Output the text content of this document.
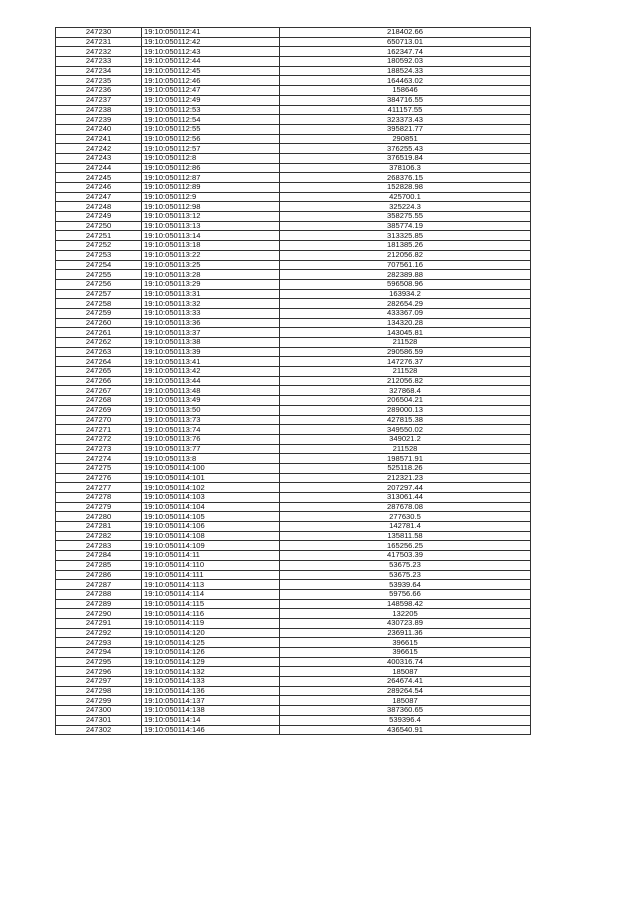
247230	19:10:050112:41	218402.66
247231	19:10:050112:42	650713.01
247232	19:10:050112:43	162347.74
247233	19:10:050112:44	180592.03
247234	19:10:050112:45	188524.33
247235	19:10:050112:46	164463.02
247236	19:10:050112:47	158646
247237	19:10:050112:49	384716.55
247238	19:10:050112:53	411157.55
247239	19:10:050112:54	323373.43
247240	19:10:050112:55	395821.77
247241	19:10:050112:56	290851
247242	19:10:050112:57	376255.43
247243	19:10:050112:8	376519.84
247244	19:10:050112:86	378106.3
247245	19:10:050112:87	268376.15
247246	19:10:050112:89	152828.98
247247	19:10:050112:9	425700.1
247248	19:10:050112:98	325224.3
247249	19:10:050113:12	358275.55
247250	19:10:050113:13	385774.19
247251	19:10:050113:14	313325.85
247252	19:10:050113:18	181385.26
247253	19:10:050113:22	212056.82
247254	19:10:050113:25	707561.16
247255	19:10:050113:28	282389.88
247256	19:10:050113:29	596508.96
247257	19:10:050113:31	163934.2
247258	19:10:050113:32	282654.29
247259	19:10:050113:33	433367.09
247260	19:10:050113:36	134320.28
247261	19:10:050113:37	143045.81
247262	19:10:050113:38	211528
247263	19:10:050113:39	290586.59
247264	19:10:050113:41	147276.37
247265	19:10:050113:42	211528
247266	19:10:050113:44	212056.82
247267	19:10:050113:48	327868.4
247268	19:10:050113:49	206504.21
247269	19:10:050113:50	289000.13
247270	19:10:050113:73	427815.38
247271	19:10:050113:74	349550.02
247272	19:10:050113:76	349021.2
247273	19:10:050113:77	211528
247274	19:10:050113:8	198571.91
247275	19:10:050114:100	525118.26
247276	19:10:050114:101	212321.23
247277	19:10:050114:102	207297.44
247278	19:10:050114:103	313061.44
247279	19:10:050114:104	287678.08
247280	19:10:050114:105	277630.5
247281	19:10:050114:106	142781.4
247282	19:10:050114:108	135811.58
247283	19:10:050114:109	165256.25
247284	19:10:050114:11	417503.39
247285	19:10:050114:110	53675.23
247286	19:10:050114:111	53675.23
247287	19:10:050114:113	53939.64
247288	19:10:050114:114	59756.66
247289	19:10:050114:115	148598.42
247290	19:10:050114:116	132205
247291	19:10:050114:119	430723.89
247292	19:10:050114:120	236911.36
247293	19:10:050114:125	396615
247294	19:10:050114:126	396615
247295	19:10:050114:129	400316.74
247296	19:10:050114:132	185087
247297	19:10:050114:133	264674.41
247298	19:10:050114:136	289264.54
247299	19:10:050114:137	185087
247300	19:10:050114:138	387360.65
247301	19:10:050114:14	539396.4
247302	19:10:050114:146	436540.91
